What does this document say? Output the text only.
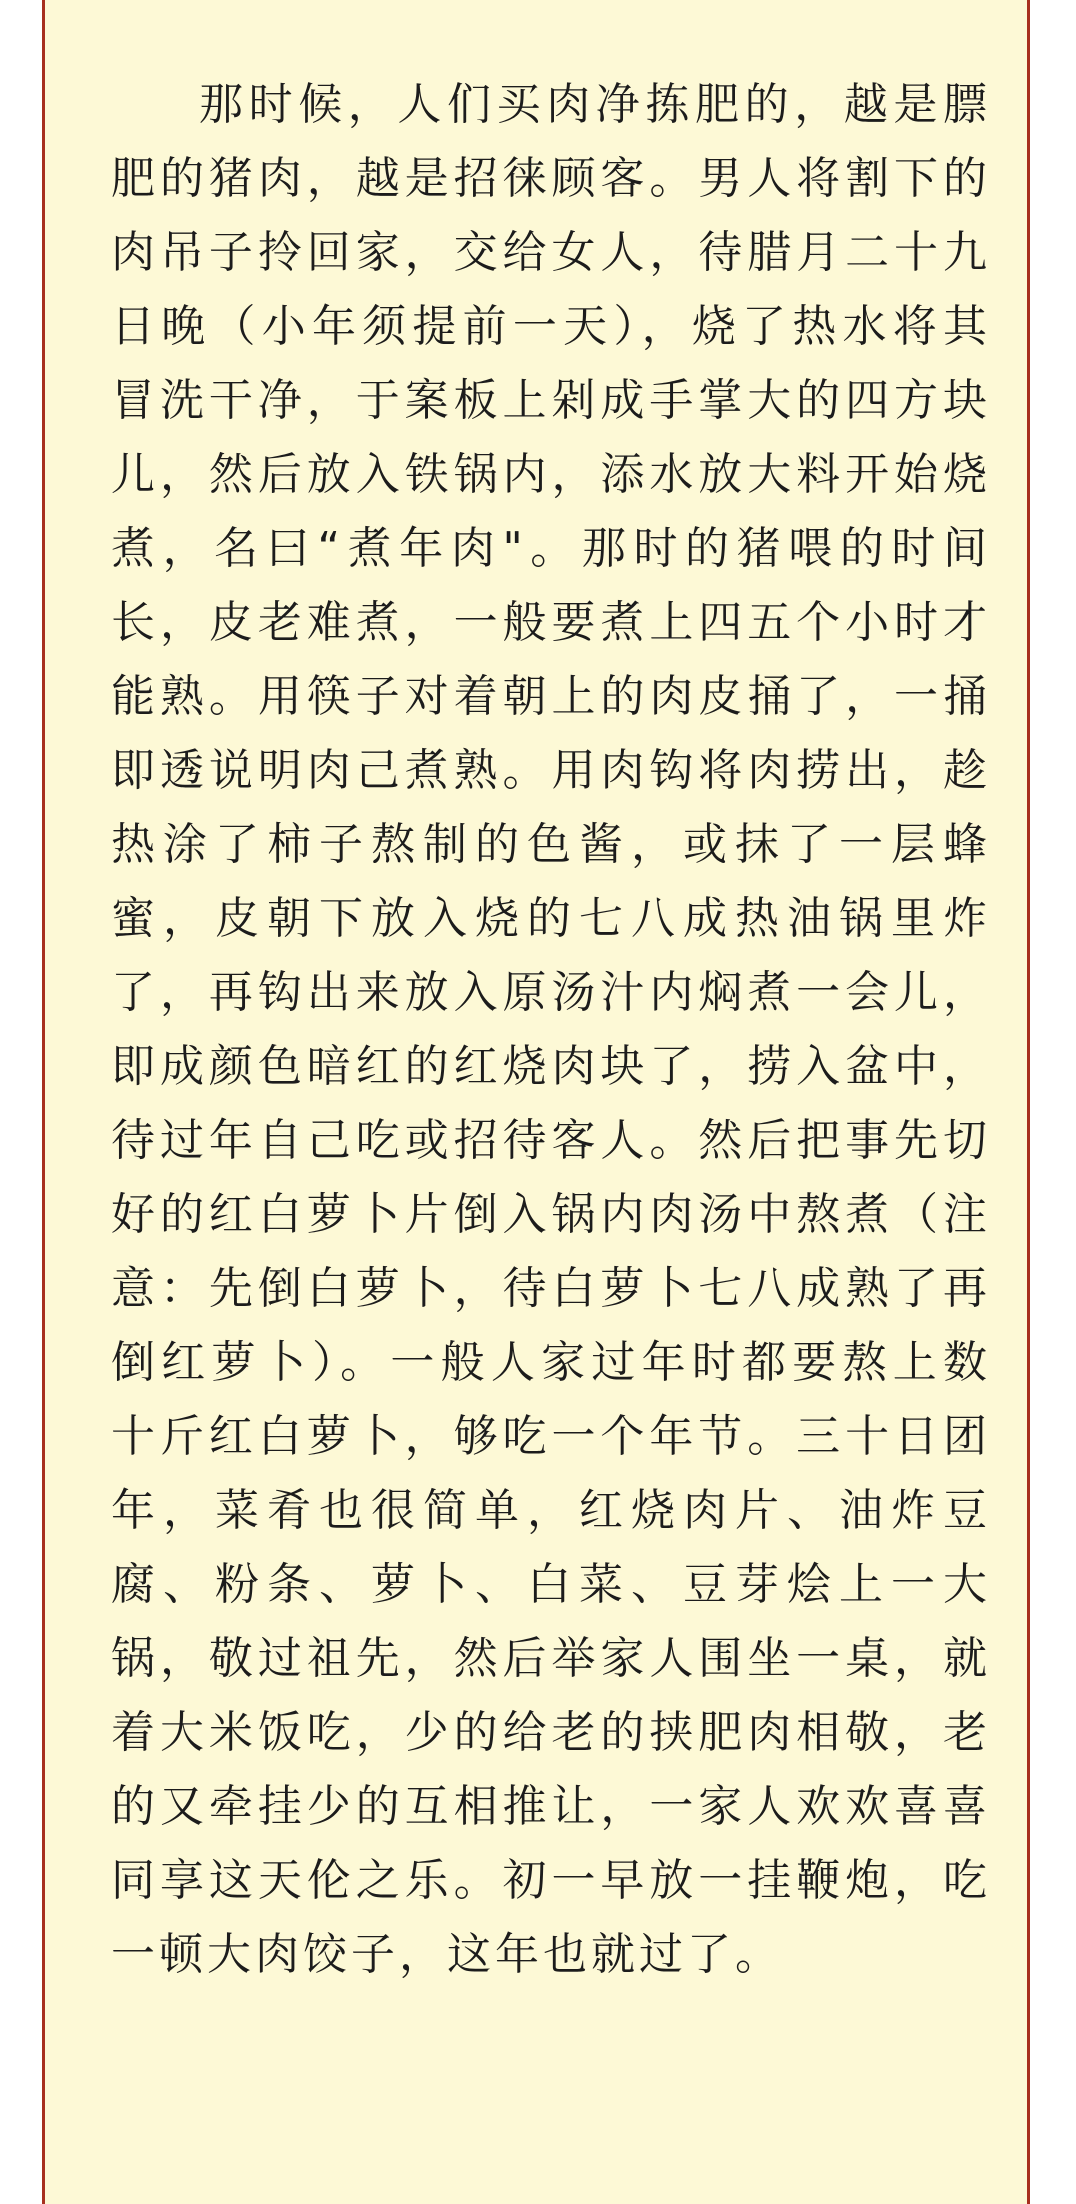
那时候，人们买肉净拣肥的，越是膘肥的猪肉，越是招徕顾客。男人将割下的肉吊子拎回家，交给女人，待腊月二十九日晚（小年须提前一天），烧了热水将其冒洗干净，于案板上剁成手掌大的四方块儿，然后放入铁锅内，添水放大料开始烧煮，名曰“煮年肉"。那时的猪喂的时间长，皮老难煮，一般要煮上四五个小时才能熟。用筷子对着朝上的肉皮捅了，一捅即透说明肉己煮熟。用肉钩将肉捞出，趁热涂了柿子熬制的色酱，或抹了一层蜂蜜，皮朝下放入烧的七八成热油锅里炸了，再钩出来放入原汤汁内焖煮一会儿，即成颜色暗红的红烧肉块了，捞入盆中，待过年自己吃或招待客人。然后把事先切好的红白萝卜片倒入锅内肉汤中熬煮（注意：先倒白萝卜，待白萝卜七八成熟了再倒红萝卜）。一般人家过年时都要熬上数十斤红白萝卜，够吃一个年节。三十日团年，菜肴也很简单，红烧肉片、油炸豆腐、粉条、萝卜、白菜、豆芽烩上一大锅，敬过祖先，然后举家人围坐一桌，就着大米饭吃，少的给老的挟肥肉相敬，老的又牵挂少的互相推让，一家人欢欢喜喜同享这天伦之乐。初一早放一挂鞭炮，吃一顿大肉饺子，这年也就过了。
